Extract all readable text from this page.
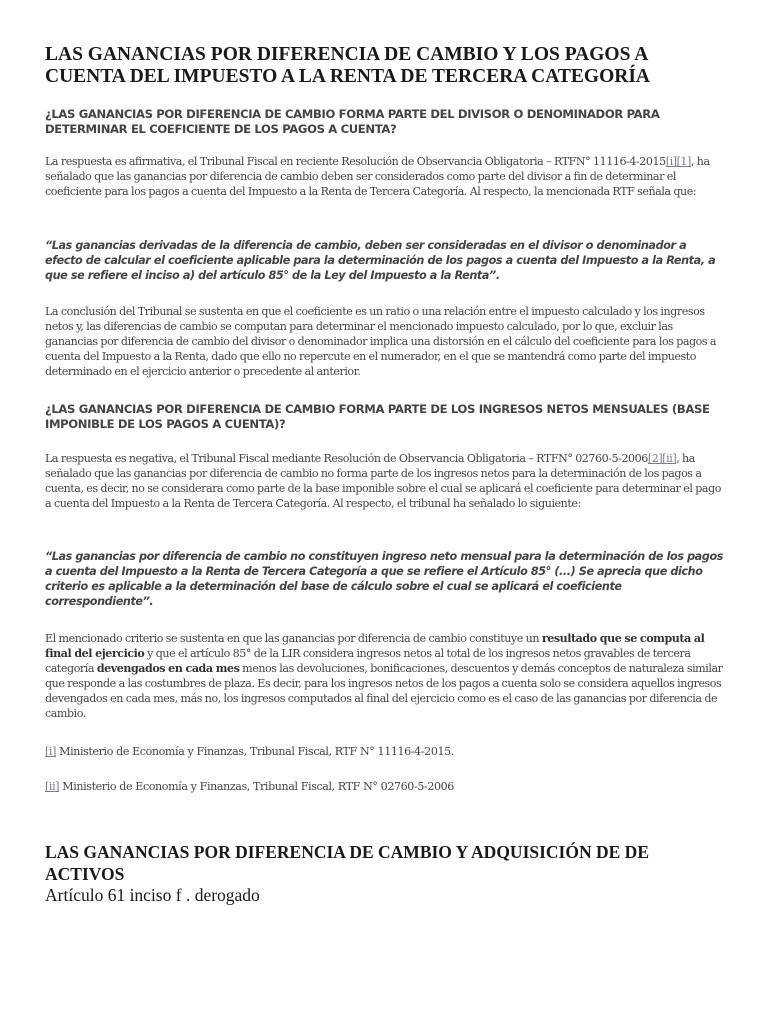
LAS GANANCIAS POR DIFERENCIA DE CAMBIO Y LOS PAGOS A CUENTA DEL IMPUESTO A LA RENTA DE TERCERA CATEGORÍA
¿LAS GANANCIAS POR DIFERENCIA DE CAMBIO FORMA PARTE DEL DIVISOR O DENOMINADOR PARA DETERMINAR EL COEFICIENTE DE LOS PAGOS A CUENTA?

La respuesta es afirmativa, el Tribunal Fiscal en reciente Resolución de Observancia Obligatoria – RTFN° 11116-4-2015[i][1], ha señalado que las ganancias por diferencia de cambio deben ser considerados como parte del divisor a fin de determinar el coeficiente para los pagos a cuenta del Impuesto a la Renta de Tercera Categoría. Al respecto, la mencionada RTF señala que:

“Las ganancias derivadas de la diferencia de cambio, deben ser consideradas en el divisor o denominador a efecto de calcular el coeficiente aplicable para la determinación de los pagos a cuenta del Impuesto a la Renta, a que se refiere el inciso a) del artículo 85° de la Ley del Impuesto a la Renta”.

La conclusión del Tribunal se sustenta en que el coeficiente es un ratio o una relación entre el impuesto calculado y los ingresos netos y, las diferencias de cambio se computan para determinar el mencionado impuesto calculado, por lo que, excluir las ganancias por diferencia de cambio del divisor o denominador implica una distorsión en el cálculo del coeficiente para los pagos a cuenta del Impuesto a la Renta, dado que ello no repercute en el numerador, en el que se mantendrá como parte del impuesto determinado en el ejercicio anterior o precedente al anterior.

¿LAS GANANCIAS POR DIFERENCIA DE CAMBIO FORMA PARTE DE LOS INGRESOS NETOS MENSUALES (BASE IMPONIBLE DE LOS PAGOS A CUENTA)?

La respuesta es negativa, el Tribunal Fiscal mediante Resolución de Observancia Obligatoria – RTFN° 02760-5-2006[2][ii], ha señalado que las ganancias por diferencia de cambio no forma parte de los ingresos netos para la determinación de los pagos a cuenta, es decir, no se considerara como parte de la base imponible sobre el cual se aplicará el coeficiente para determinar el pago a cuenta del Impuesto a la Renta de Tercera Categoría. Al respecto, el tribunal ha señalado lo siguiente:

“Las ganancias por diferencia de cambio no constituyen ingreso neto mensual para la determinación de los pagos a cuenta del Impuesto a la Renta de Tercera Categoría a que se refiere el Artículo 85° (...) Se aprecia que dicho criterio es aplicable a la determinación del base de cálculo sobre el cual se aplicará el coeficiente correspondiente”.

El mencionado criterio se sustenta en que las ganancias por diferencia de cambio constituye un resultado que se computa al final del ejercicio y que el artículo 85° de la LIR considera ingresos netos al total de los ingresos netos gravables de tercera categoría devengados en cada mes menos las devoluciones, bonificaciones, descuentos y demás conceptos de naturaleza similar que responde a las costumbres de plaza. Es decir, para los ingresos netos de los pagos a cuenta solo se considera aquellos ingresos devengados en cada mes, más no, los ingresos computados al final del ejercicio como es el caso de las ganancias por diferencia de cambio.

[i] Ministerio de Economía y Finanzas, Tribunal Fiscal, RTF N° 11116-4-2015.

[ii] Ministerio de Economía y Finanzas, Tribunal Fiscal, RTF N° 02760-5-2006

LAS GANANCIAS POR DIFERENCIA DE CAMBIO Y ADQUISICIÓN DE DE ACTIVOS

Artículo 61 inciso f . derogado
